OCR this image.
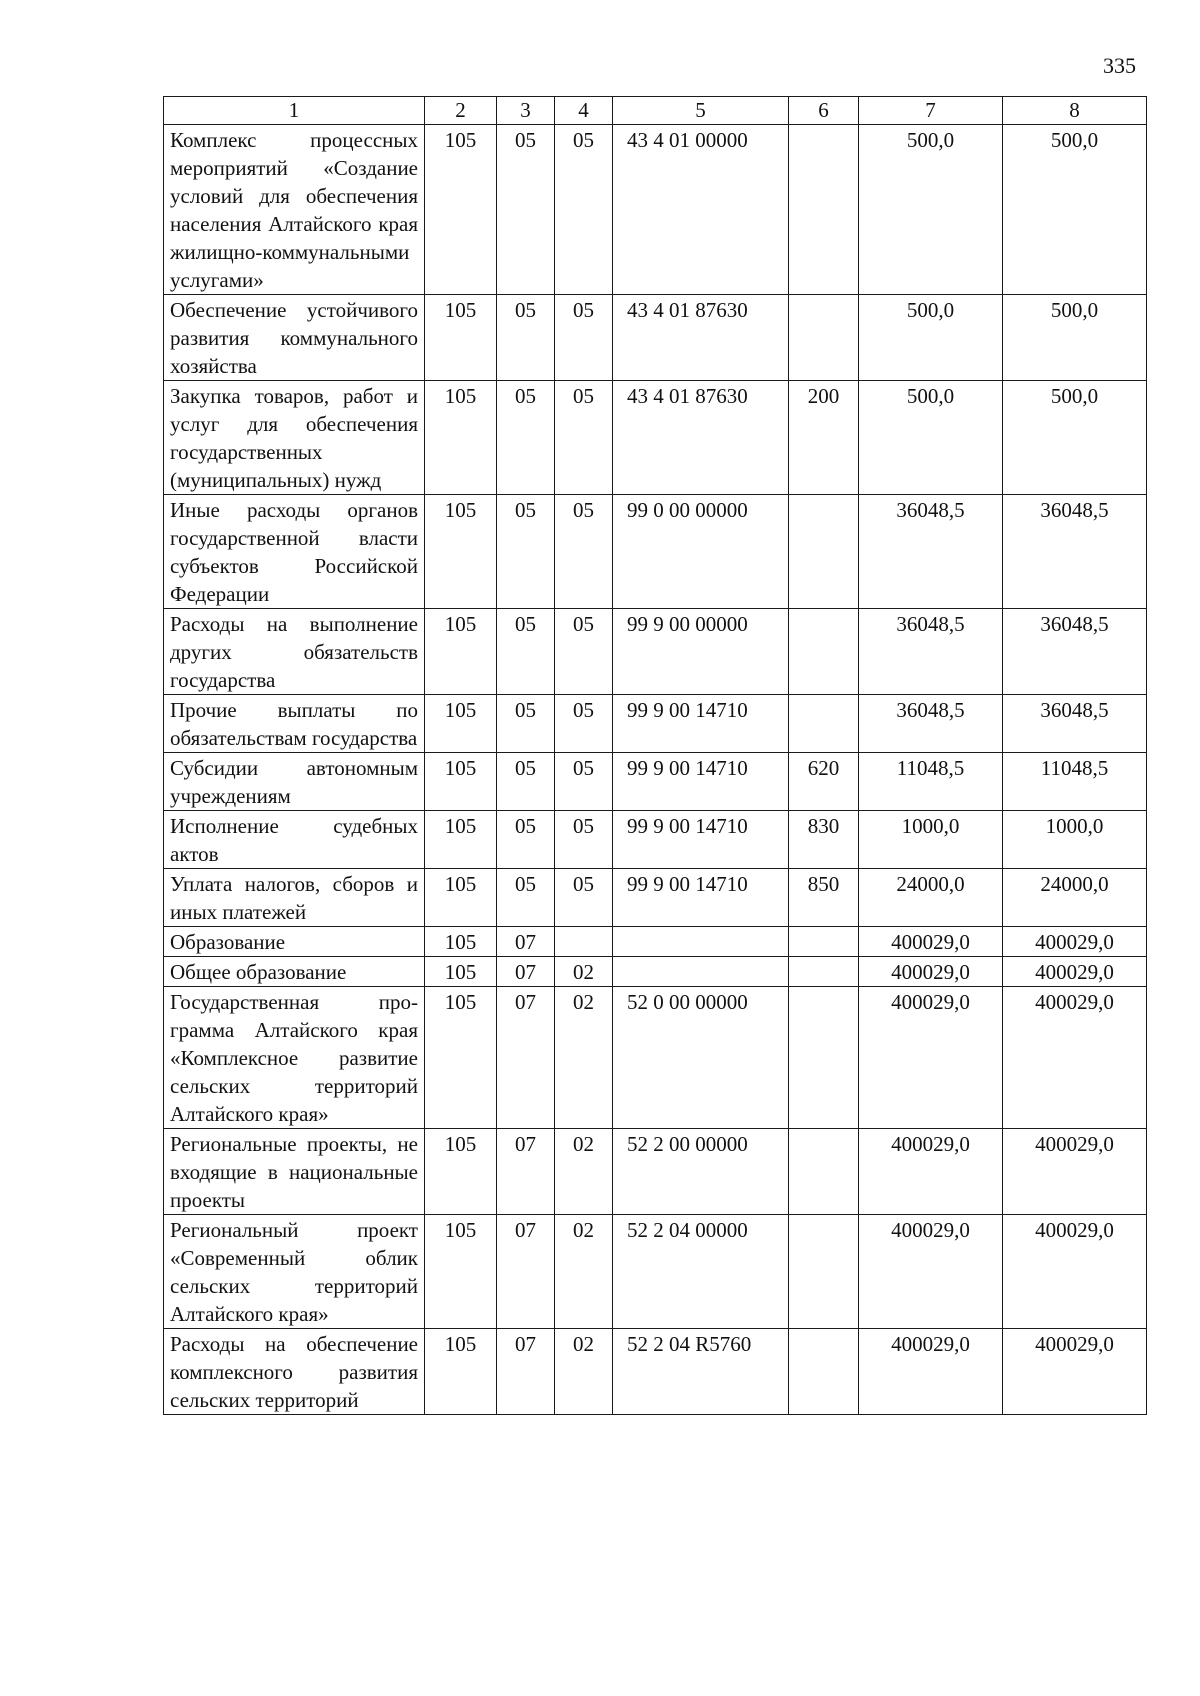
335
1	2	3	4	5	6	7	8
Комплекс процессных мероприятий «Создание условий для обеспечения населения Алтайского края жилищно-коммунальными услугами»	105	05	05	43 4 01 00000		500,0	500,0
Обеспечение устойчивого развития коммунального хозяйства	105	05	05	43 4 01 87630		500,0	500,0
Закупка товаров, работ и услуг для обеспечения государственных (муниципальных) нужд	105	05	05	43 4 01 87630	200	500,0	500,0
Иные расходы органов государственной власти субъектов Российской Федерации	105	05	05	99 0 00 00000		36048,5	36048,5
Расходы на выполнение других обязательств государства	105	05	05	99 9 00 00000		36048,5	36048,5
Прочие выплаты по обязательствам государства	105	05	05	99 9 00 14710		36048,5	36048,5
Субсидии автономным учреждениям	105	05	05	99 9 00 14710	620	11048,5	11048,5
Исполнение судебных актов	105	05	05	99 9 00 14710	830	1000,0	1000,0
Уплата налогов, сборов и иных платежей	105	05	05	99 9 00 14710	850	24000,0	24000,0
Образование	105	07				400029,0	400029,0
Общее образование	105	07	02			400029,0	400029,0
Государственная программа Алтайского края «Комплексное развитие сельских территорий Алтайского края»	105	07	02	52 0 00 00000		400029,0	400029,0
Региональные проекты, не входящие в национальные проекты	105	07	02	52 2 00 00000		400029,0	400029,0
Региональный проект «Современный облик сельских территорий Алтайского края»	105	07	02	52 2 04 00000		400029,0	400029,0
Расходы на обеспечение комплексного развития сельских территорий	105	07	02	52 2 04 R5760		400029,0	400029,0
